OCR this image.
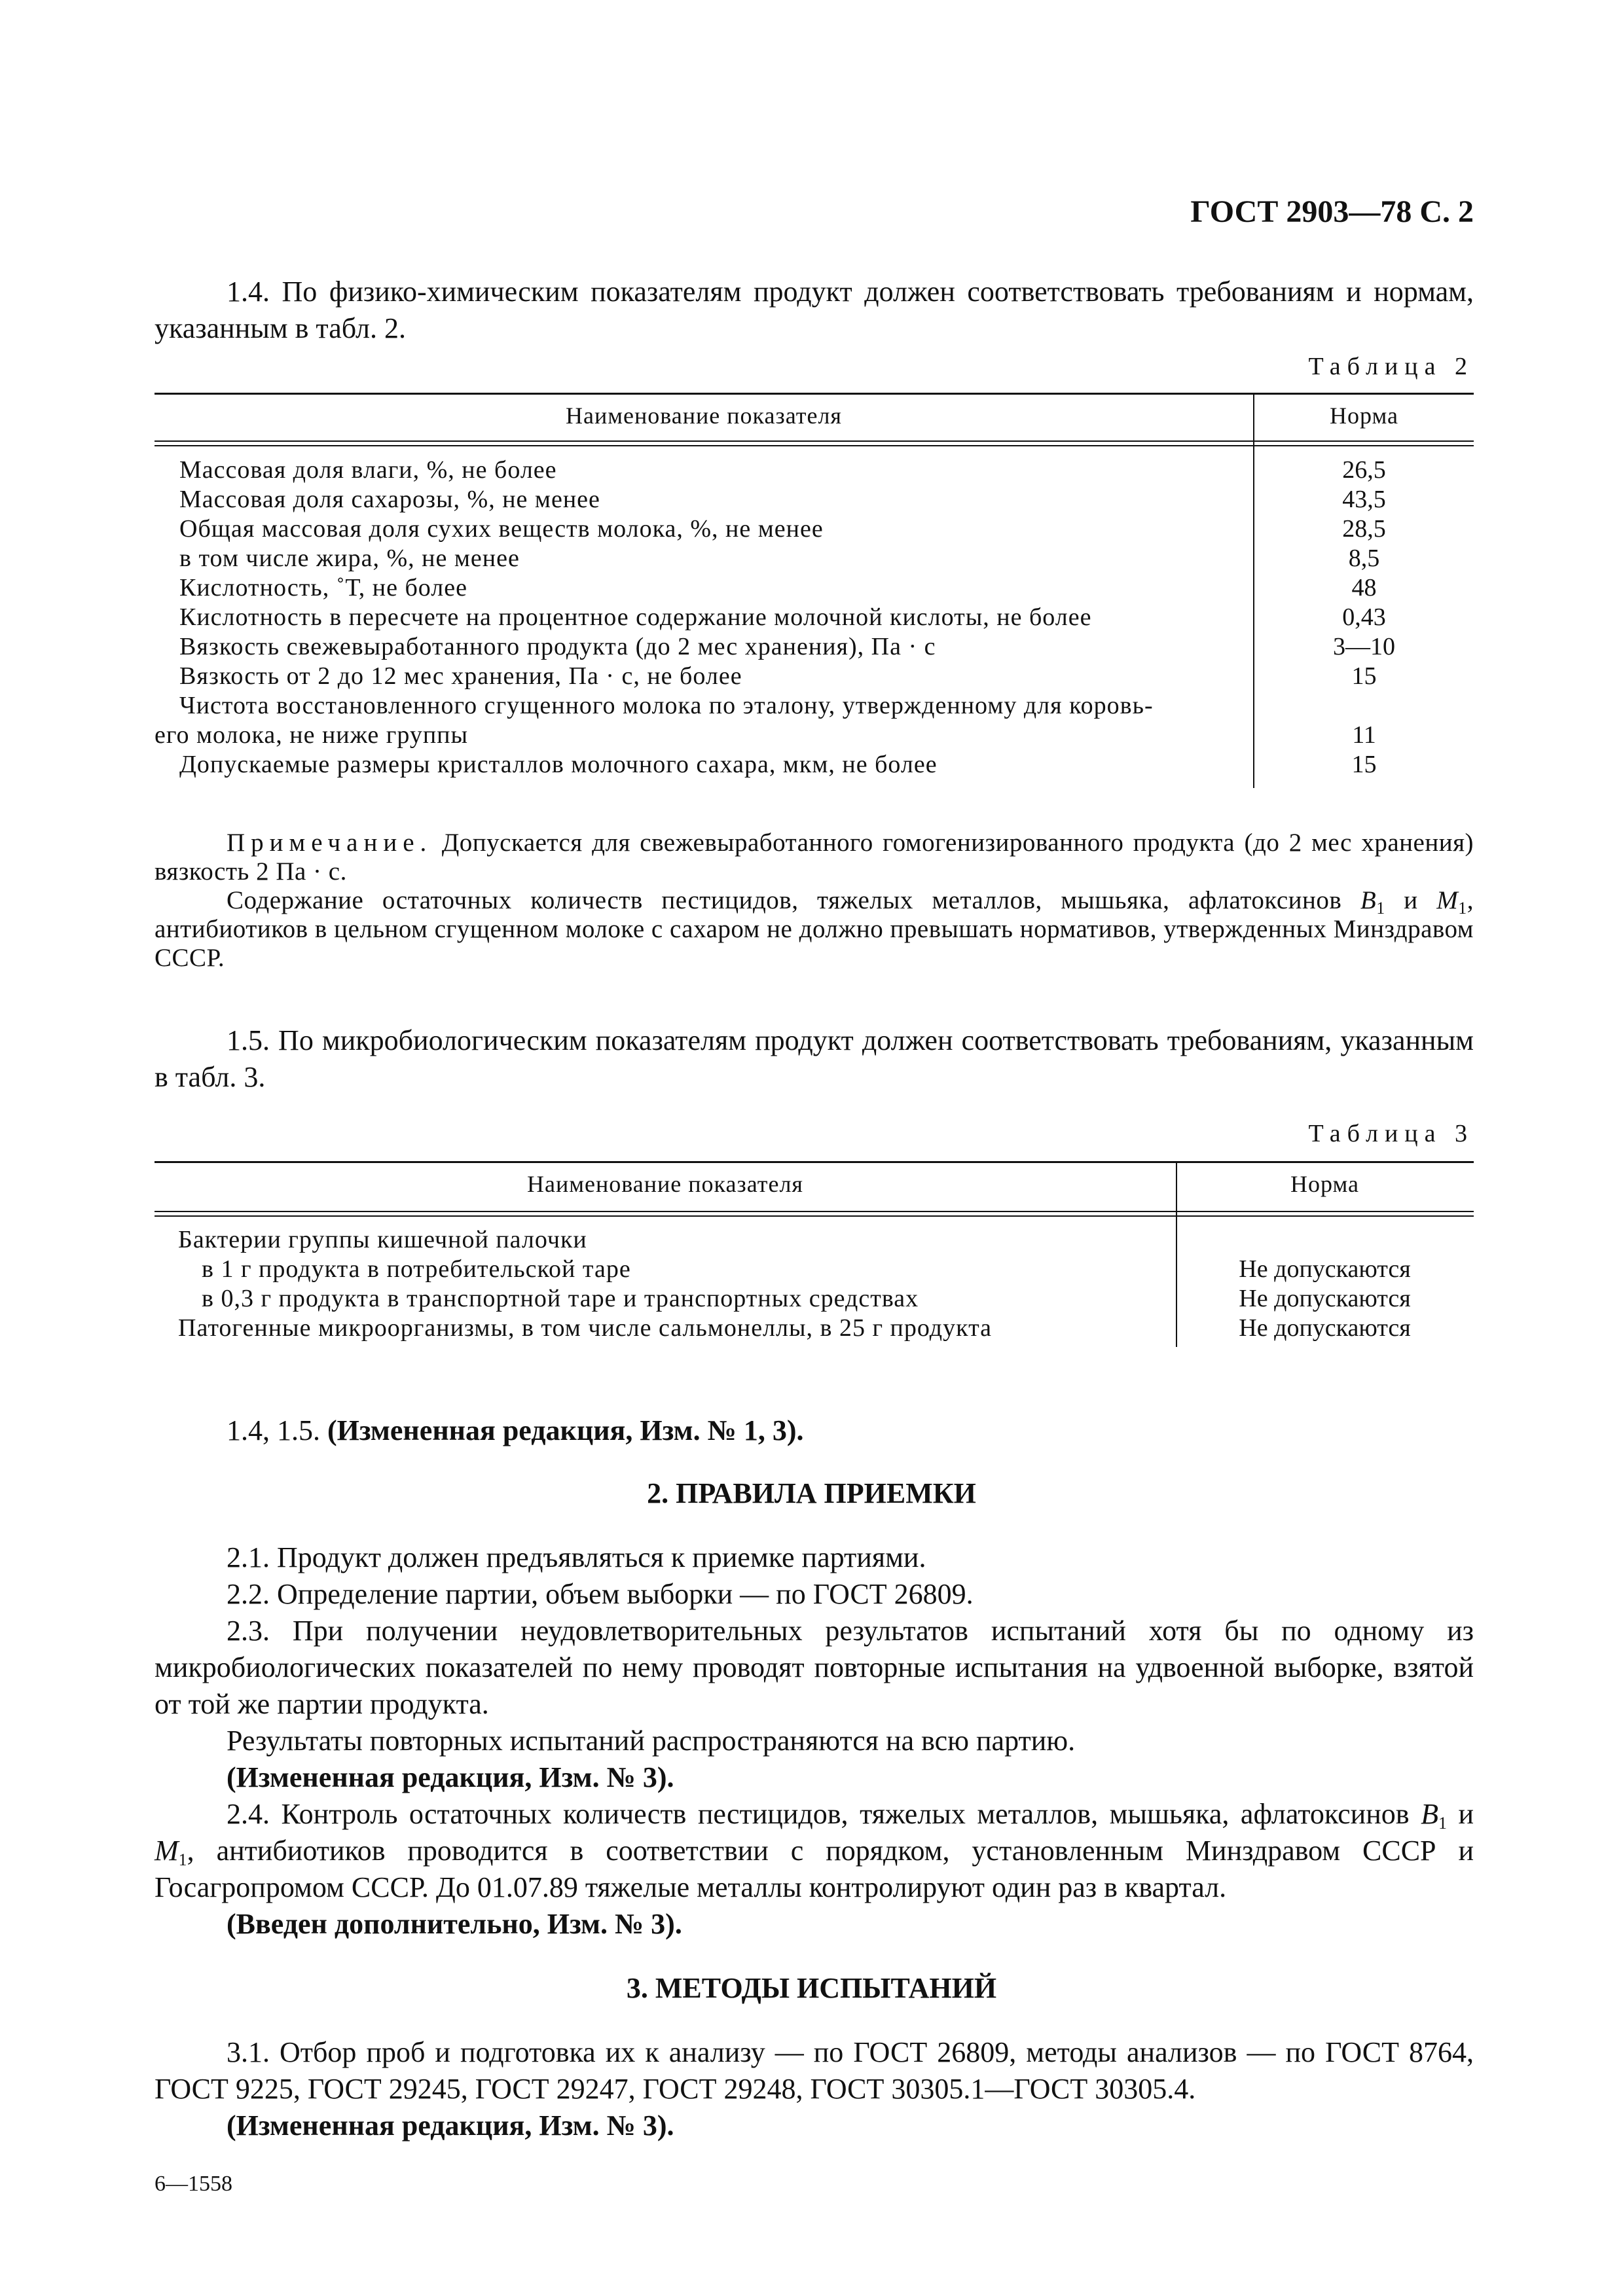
ГОСТ 2903—78 С. 2
1.4. По физико-химическим показателям продукт должен соответствовать требованиям и нормам, указанным в табл. 2.
Таблица 2
Наименование показателя	Норма
Массовая доля влаги, %, не более	26,5
Массовая доля сахарозы, %, не менее	43,5
Общая массовая доля сухих веществ молока, %, не менее	28,5
в том числе жира, %, не менее	8,5
Кислотность, ˚Т, не более	48
Кислотность в пересчете на процентное содержание молочной кислоты, не более	0,43
Вязкость свежевыработанного продукта (до 2 мес хранения), Па · с	3—10
Вязкость от 2 до 12 мес хранения, Па · с, не более	15
Чистота восстановленного сгущенного молока по эталону, утвержденному для коровь-
его молока, не ниже группы	11
Допускаемые размеры кристаллов молочного сахара, мкм, не более	15
Примечание. Допускается для свежевыработанного гомогенизированного продукта (до 2 мес хранения) вязкость 2 Па · с.
Содержание остаточных количеств пестицидов, тяжелых металлов, мышьяка, афлатоксинов $B_1$ и $M_1$, антибиотиков в цельном сгущенном молоке с сахаром не должно превышать нормативов, утвержденных Минздравом СССР.
1.5. По микробиологическим показателям продукт должен соответствовать требованиям, указанным в табл. 3.
Таблица 3
Наименование показателя	Норма
Бактерии группы кишечной палочки
в 1 г продукта в потребительской таре	Не допускаются
в 0,3 г продукта в транспортной таре и транспортных средствах	Не допускаются
Патогенные микроорганизмы, в том числе сальмонеллы, в 25 г продукта	Не допускаются
1.4, 1.5. (Измененная редакция, Изм. № 1, 3).
2. ПРАВИЛА ПРИЕМКИ
2.1. Продукт должен предъявляться к приемке партиями.
2.2. Определение партии, объем выборки — по ГОСТ 26809.
2.3. При получении неудовлетворительных результатов испытаний хотя бы по одному из микробиологических показателей по нему проводят повторные испытания на удвоенной выборке, взятой от той же партии продукта.
Результаты повторных испытаний распространяются на всю партию.
(Измененная редакция, Изм. № 3).
2.4. Контроль остаточных количеств пестицидов, тяжелых металлов, мышьяка, афлатоксинов $B_1$ и $M_1$, антибиотиков проводится в соответствии с порядком, установленным Минздравом СССР и Госагропромом СССР. До 01.07.89 тяжелые металлы контролируют один раз в квартал.
(Введен дополнительно, Изм. № 3).
3. МЕТОДЫ ИСПЫТАНИЙ
3.1. Отбор проб и подготовка их к анализу — по ГОСТ 26809, методы анализов — по ГОСТ 8764, ГОСТ 9225, ГОСТ 29245, ГОСТ 29247, ГОСТ 29248, ГОСТ 30305.1—ГОСТ 30305.4.
(Измененная редакция, Изм. № 3).
6—1558
